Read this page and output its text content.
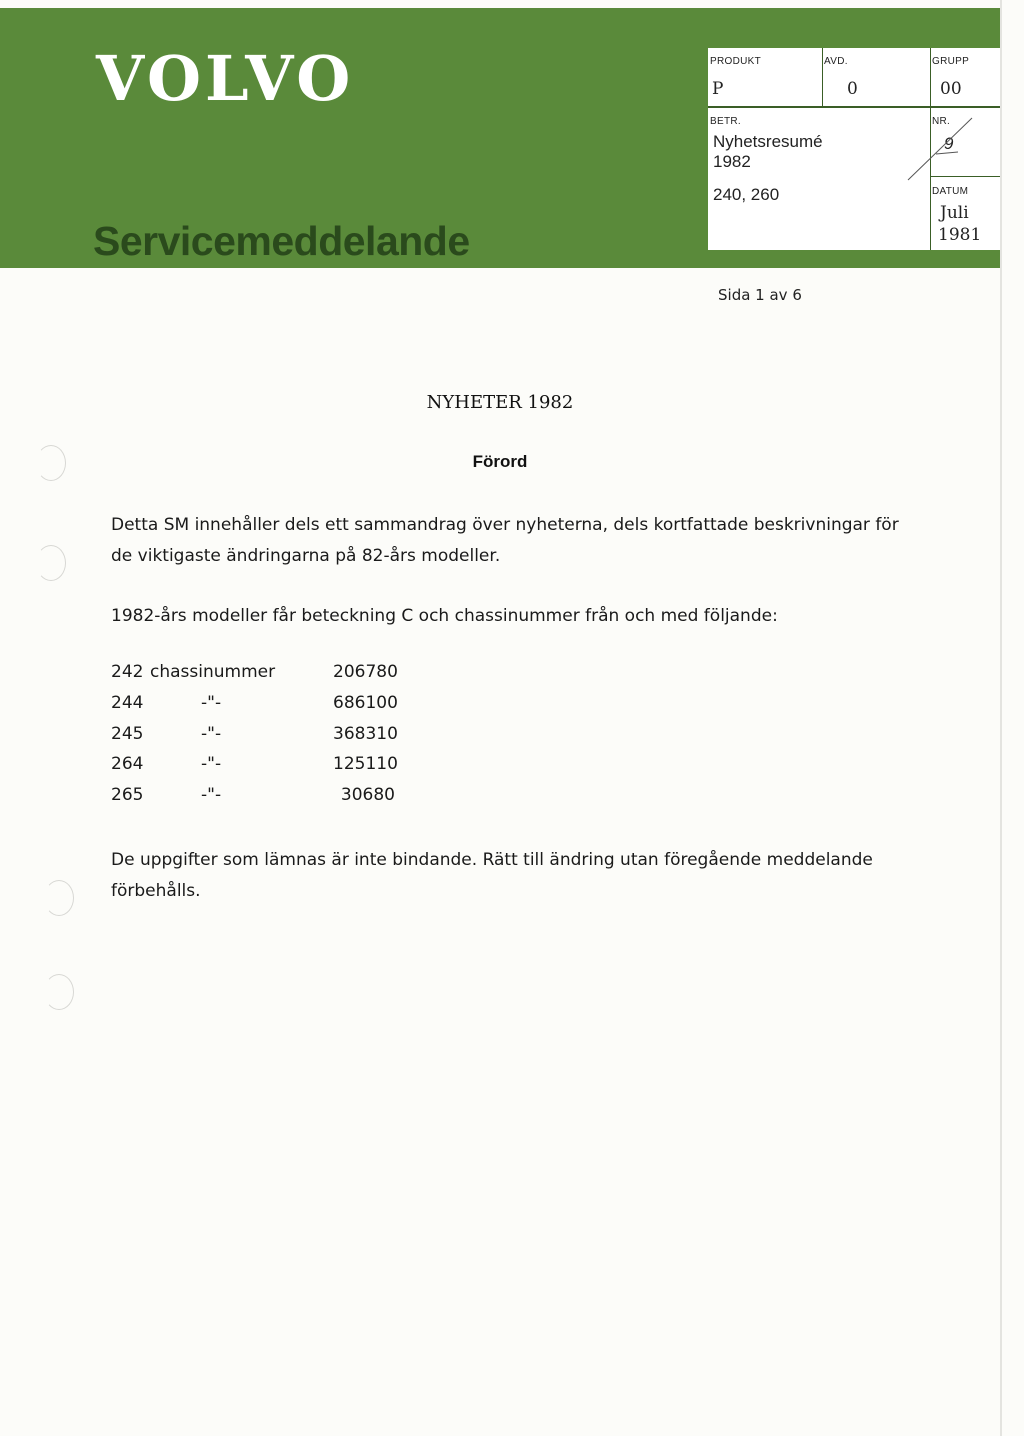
VOLVO
Servicemeddelande
PRODUKT
P
AVD.
0
GRUPP
00
BETR.
Nyhetsresumé
1982
240, 260
NR.
9
DATUM
Juli
1981
Sida 1 av 6
NYHETER 1982
Förord
Detta SM innehåller dels ett sammandrag över nyheterna, dels kortfattade beskrivningar för de viktigaste ändringarna på 82-års modeller.
1982-års modeller får beteckning C och chassinummer från och med följande:
242 chassinummer	206780
244	-"-	686100
245	-"-	368310
264	-"-	125110
265	-"-	30680
De uppgifter som lämnas är inte bindande. Rätt till ändring utan föregående meddelande förbehålls.
